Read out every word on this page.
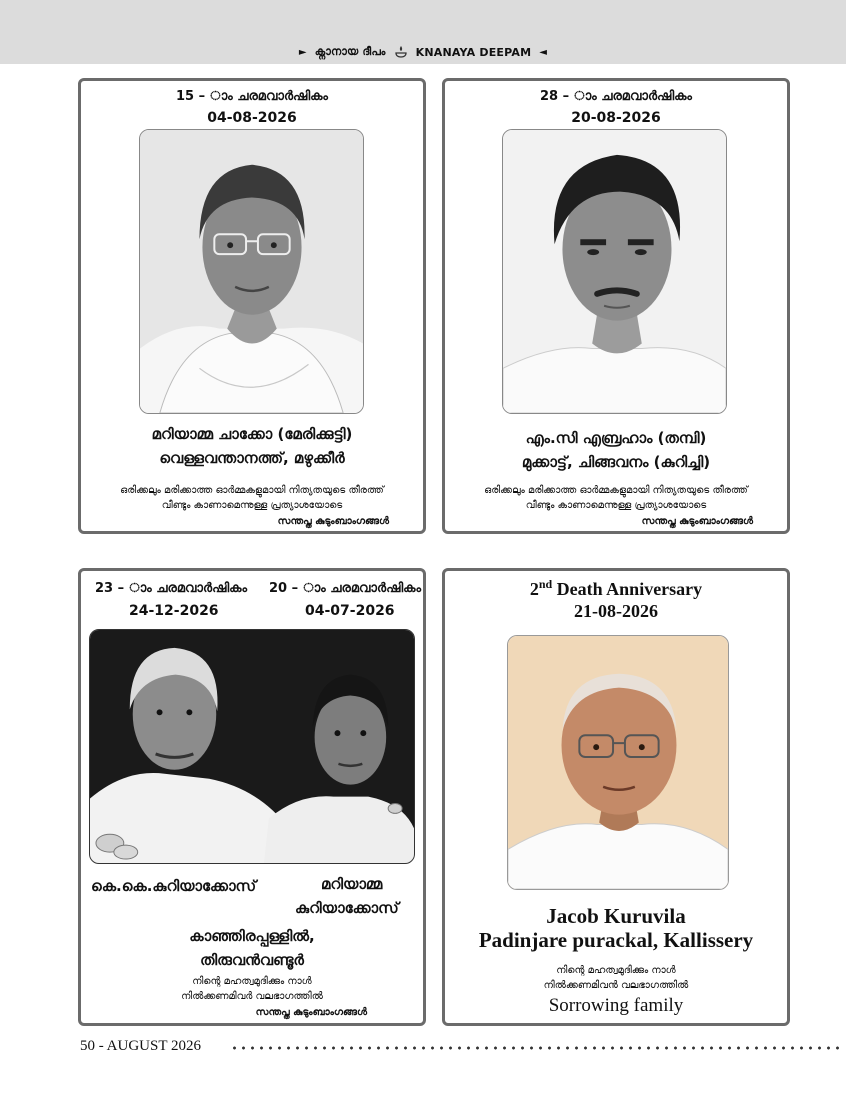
► ക്നാനായ ദീപം	KNANAYA DEEPAM ◄
15 – ാം ചരമവാർഷികം
04-08-2026
മറിയാമ്മ ചാക്കോ (മേരിക്കുട്ടി)
വെള്ളവന്താനത്ത്, മഴുക്കീർ
ഒരിക്കലും മരിക്കാത്ത ഓർമ്മകളുമായി നിത്യതയുടെ തീരത്ത്
വീണ്ടും കാണാമെന്നുള്ള പ്രത്യാശയോടെ
സന്തപ്ത കുടുംബാംഗങ്ങൾ
28 – ാം ചരമവാർഷികം
20-08-2026
എം.സി എബ്രഹാം (തമ്പി)
മുക്കാട്ട്, ചിങ്ങവനം (കുറിച്ചി)
ഒരിക്കലും മരിക്കാത്ത ഓർമ്മകളുമായി നിത്യതയുടെ തീരത്ത്
വീണ്ടും കാണാമെന്നുള്ള പ്രത്യാശയോടെ
സന്തപ്ത കുടുംബാംഗങ്ങൾ
23 – ാം ചരമവാർഷികം
24-12-2026
20 – ാം ചരമവാർഷികം
04-07-2026
കെ.കെ.കുറിയാക്കോസ്	മറിയാമ്മ
കുറിയാക്കോസ്
കാഞ്ഞിരപ്പള്ളിൽ,
തിരുവൻവണ്ടൂർ
നിന്റെ മഹത്വമുദിക്കും നാൾ
നിൽക്കണമിവർ വലഭാഗത്തിൽ
സന്തപ്ത കുടുംബാംഗങ്ങൾ
2nd Death Anniversary
21-08-2026
Jacob Kuruvila
Padinjare purackal, Kallissery
നിന്റെ മഹത്വമുദിക്കും നാൾ
നിൽക്കണമിവൻ വലഭാഗത്തിൽ
Sorrowing family
50 - AUGUST 2026
